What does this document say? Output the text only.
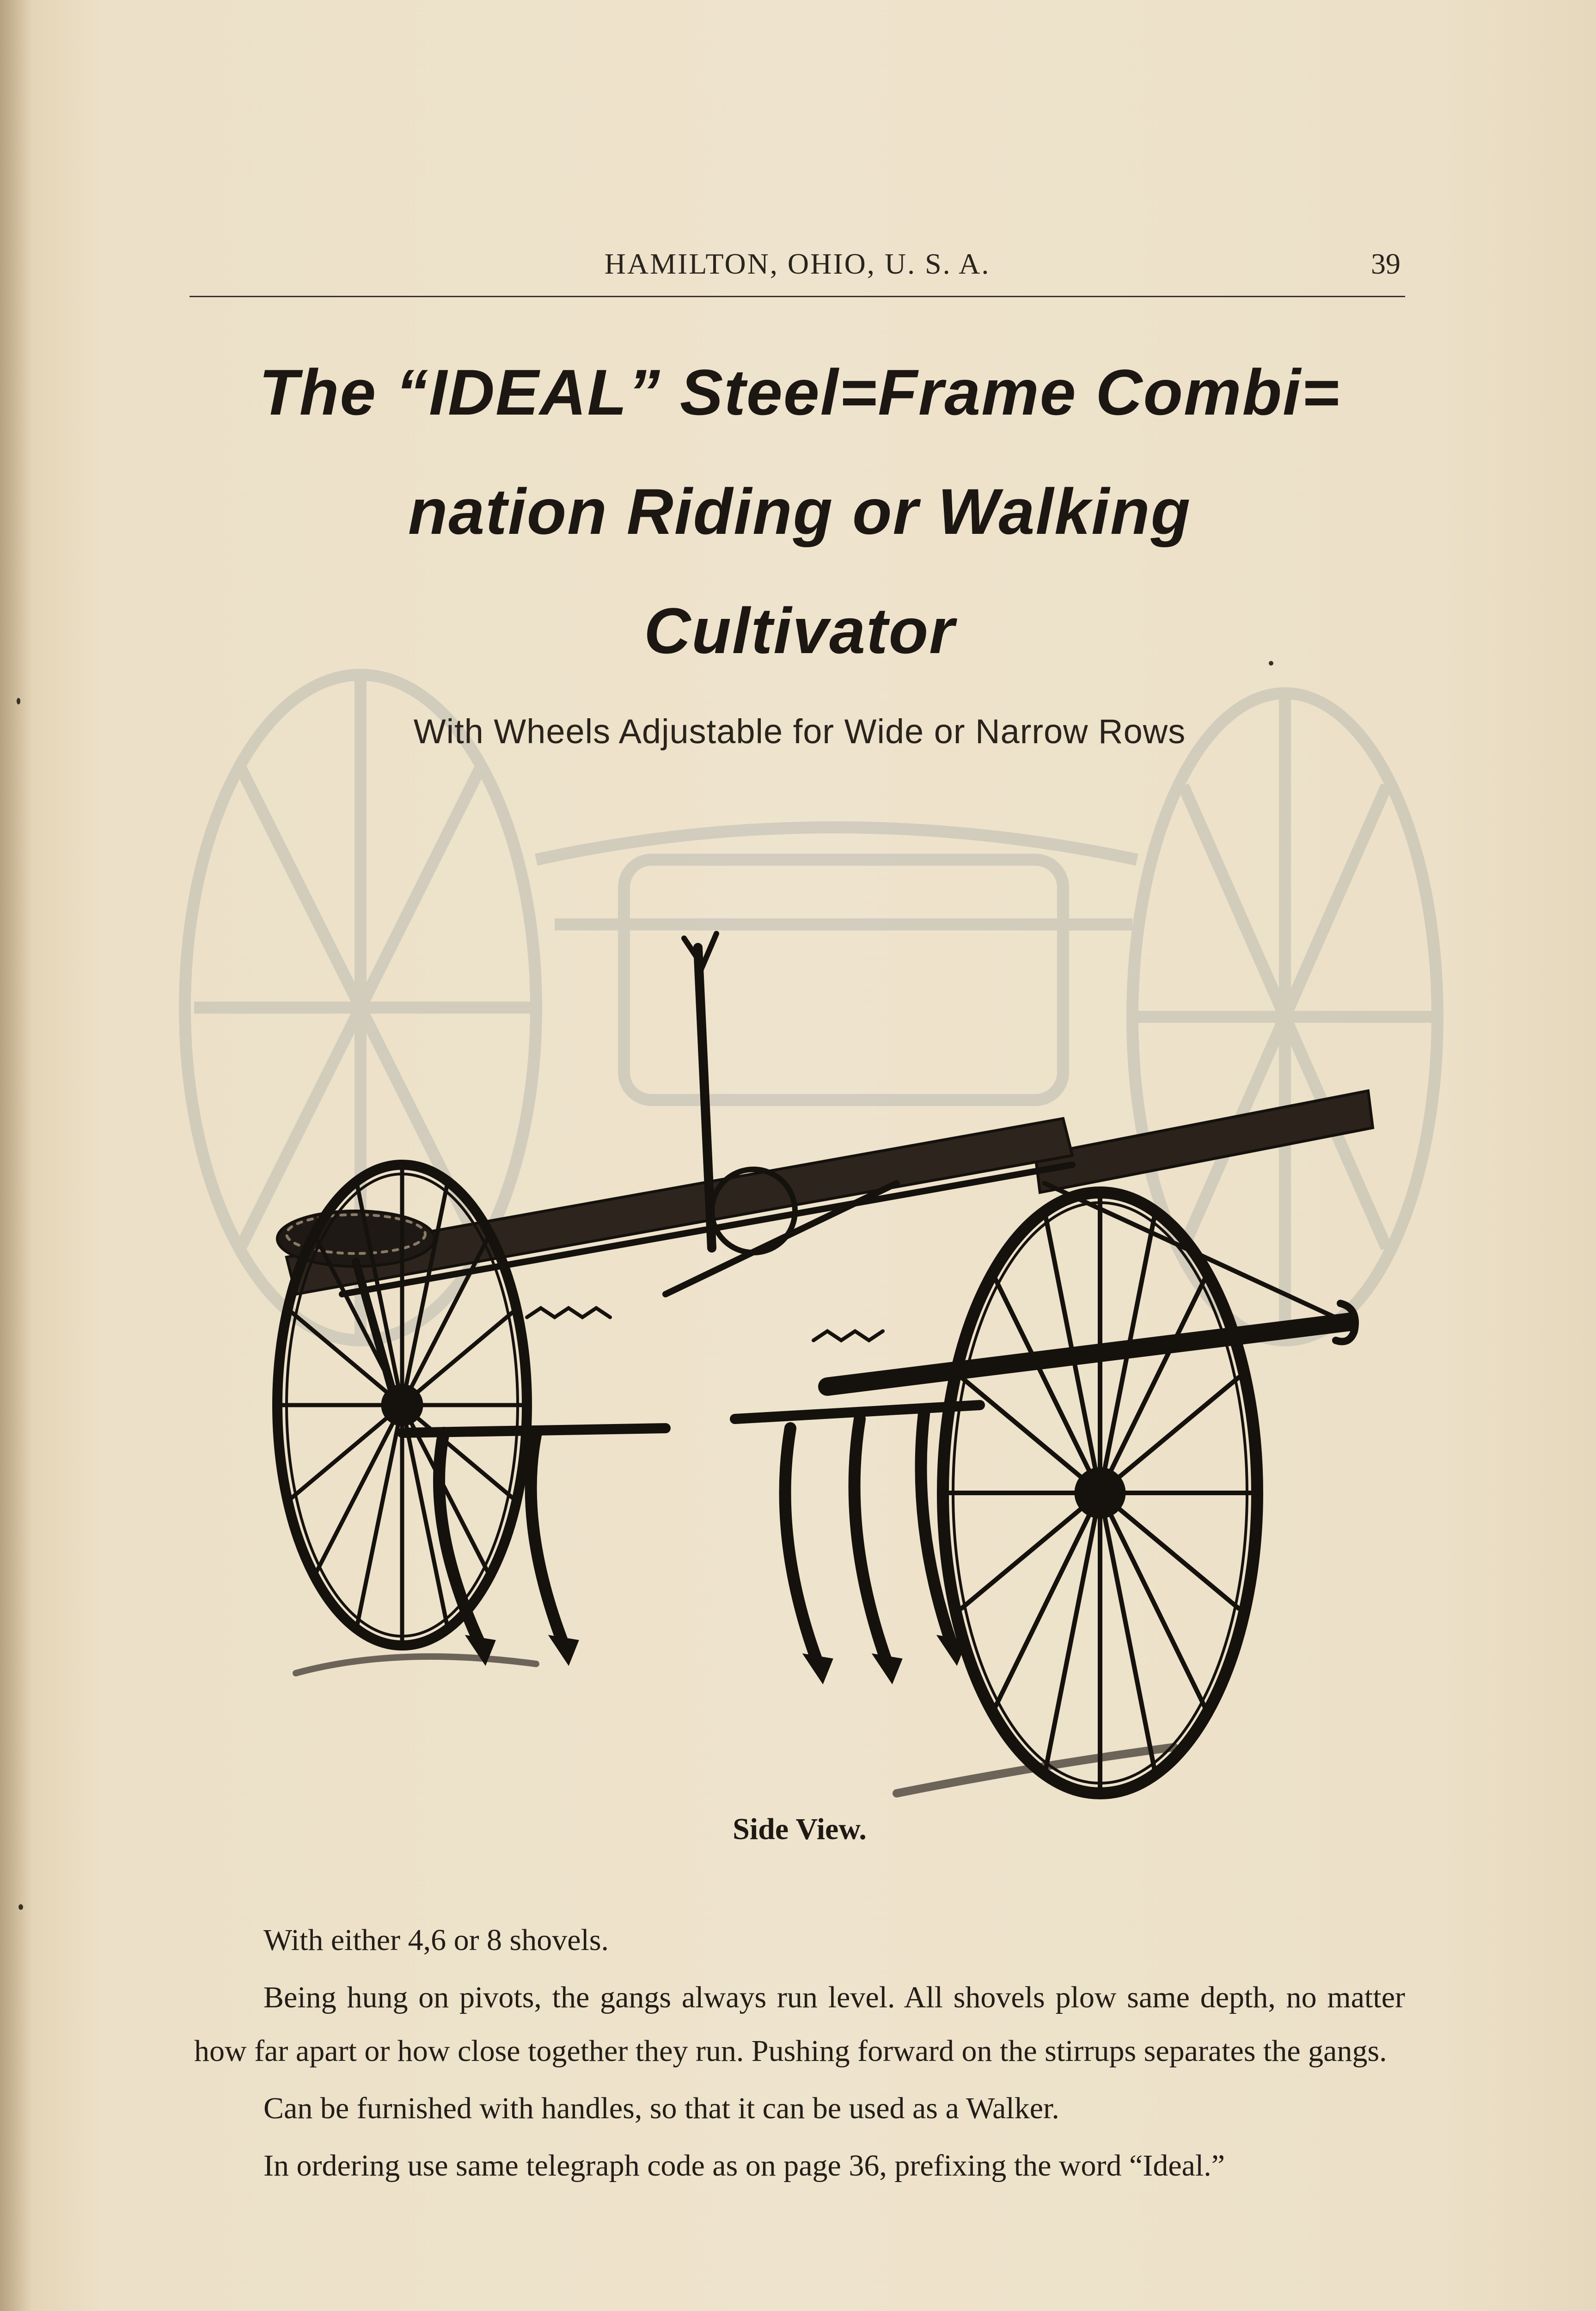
HAMILTON, OHIO, U. S. A.	39
The “IDEAL” Steel=Frame Combi=
nation Riding or Walking
Cultivator
With Wheels Adjustable for Wide or Narrow Rows
Side View.

With either 4,6 or 8 shovels.

Being hung on pivots, the gangs always run level. All shovels plow same depth, no matter how far apart or how close together they run. Pushing forward on the stirrups separates the gangs.

Can be furnished with handles, so that it can be used as a Walker.

In ordering use same telegraph code as on page 36, prefixing the word “Ideal.”
